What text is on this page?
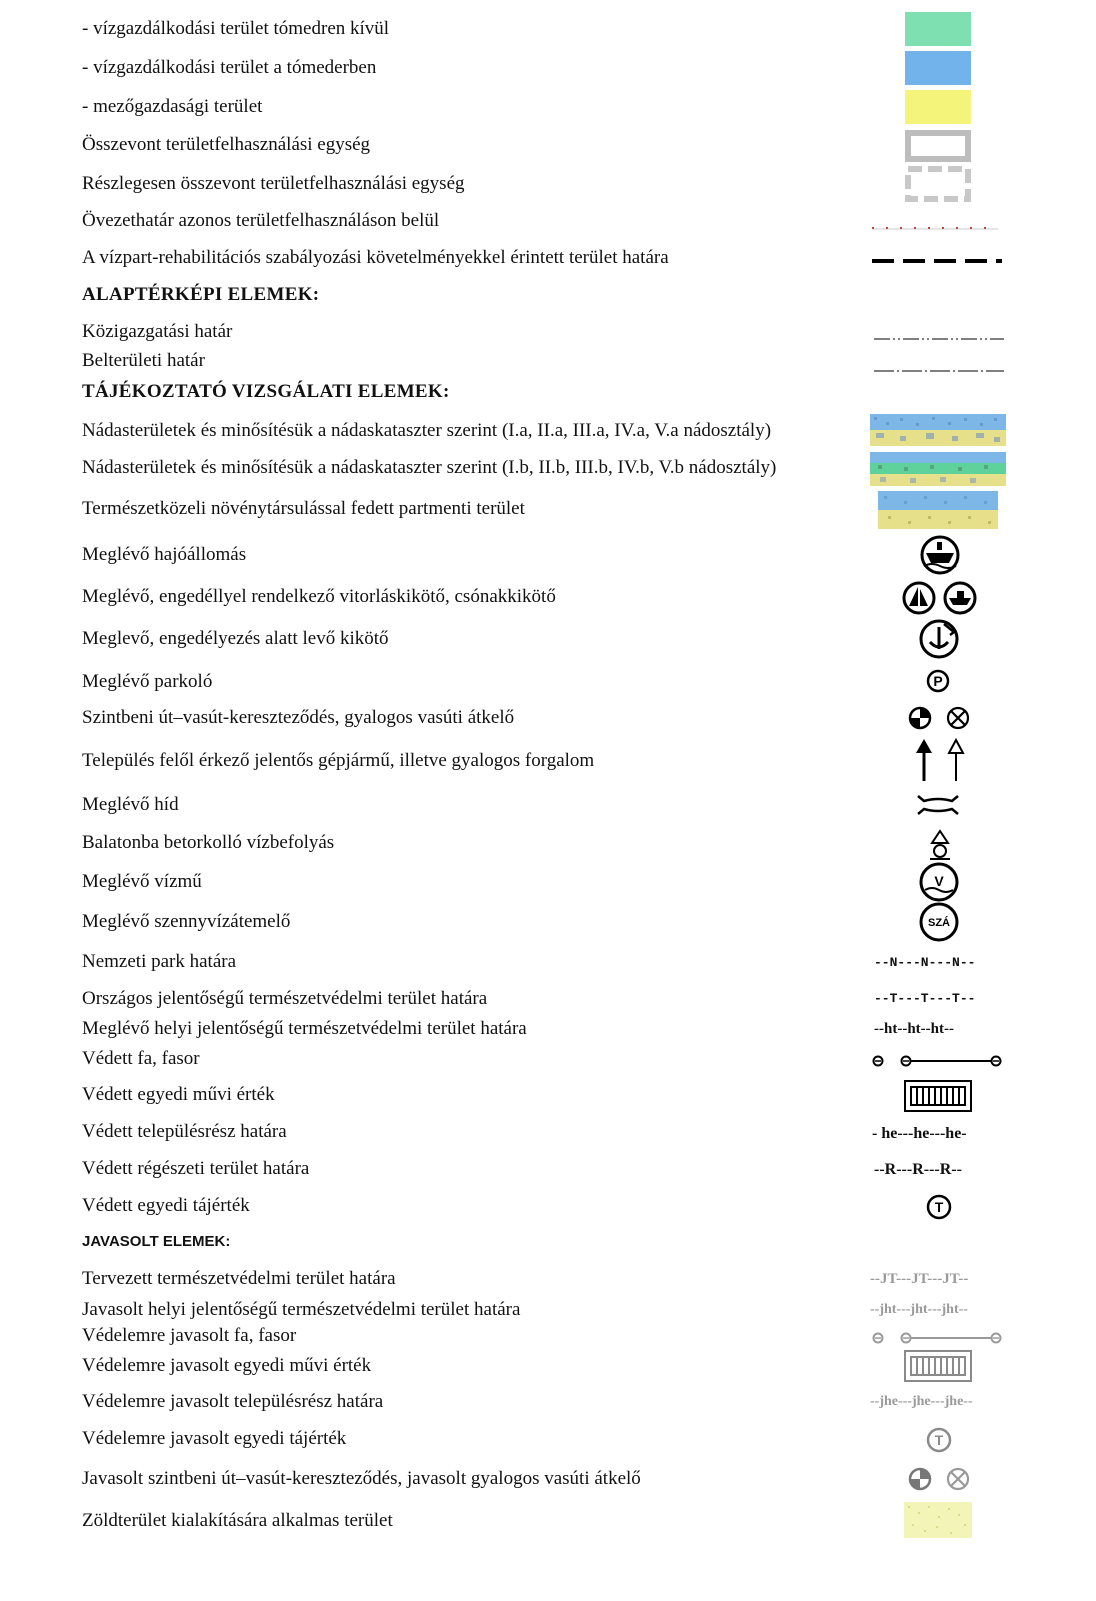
- vízgazdálkodási terület tómedren kívül
- vízgazdálkodási terület a tómederben
- mezőgazdasági terület
Összevont területfelhasználási egység
Részlegesen összevont területfelhasználási egység
Övezethatár azonos területfelhasználáson belül
A vízpart-rehabilitációs szabályozási követelményekkel érintett terület határa
ALAPTÉRKÉPI ELEMEK:
Közigazgatási határ
Belterületi határ
TÁJÉKOZTATÓ VIZSGÁLATI ELEMEK:
Nádasterületek és minősítésük a nádaskataszter szerint (I.a, II.a, III.a, IV.a, V.a nádosztály)
Nádasterületek és minősítésük a nádaskataszter szerint (I.b, II.b, III.b, IV.b, V.b nádosztály)
Természetközeli növénytársulással fedett partmenti terület
Meglévő hajóállomás
Meglévő, engedéllyel rendelkező vitorláskikötő, csónakkikötő
Meglevő, engedélyezés alatt levő kikötő
Meglévő parkoló
Szintbeni út–vasút-kereszteződés, gyalogos vasúti átkelő
Település felől érkező jelentős gépjármű, illetve gyalogos forgalom
Meglévő híd
Balatonba betorkolló vízbefolyás
Meglévő vízmű
Meglévő szennyvízátemelő
Nemzeti park határa
Országos jelentőségű természetvédelmi terület határa
Meglévő helyi jelentőségű természetvédelmi terület határa
Védett fa, fasor
Védett egyedi művi érték
Védett településrész határa
Védett régészeti terület határa
Védett egyedi tájérték
JAVASOLT ELEMEK:
Tervezett természetvédelmi terület határa
Javasolt helyi jelentőségű természetvédelmi terület határa
Védelemre javasolt fa, fasor
Védelemre javasolt egyedi művi érték
Védelemre javasolt településrész határa
Védelemre javasolt egyedi tájérték
Javasolt szintbeni út–vasút-kereszteződés, javasolt gyalogos vasúti átkelő
Zöldterület kialakítására alkalmas terület
P
V
SZÁ
--N---N---N--
--T---T---T--
--ht--ht--ht--
- he---he---he-
--R---R---R--
T
--JT---JT---JT--
--jht---jht---jht--
--jhe---jhe---jhe--
T
